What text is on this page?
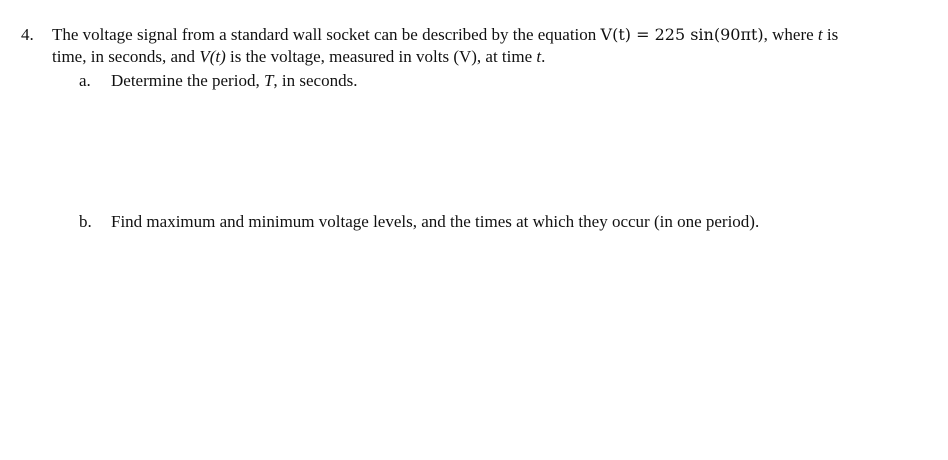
4. The voltage signal from a standard wall socket can be described by the equation V(t) = 225 sin(90πt), where t is
time, in seconds, and V(t) is the voltage, measured in volts (V), at time t.
a. Determine the period, T, in seconds.
b. Find maximum and minimum voltage levels, and the times at which they occur (in one period).
